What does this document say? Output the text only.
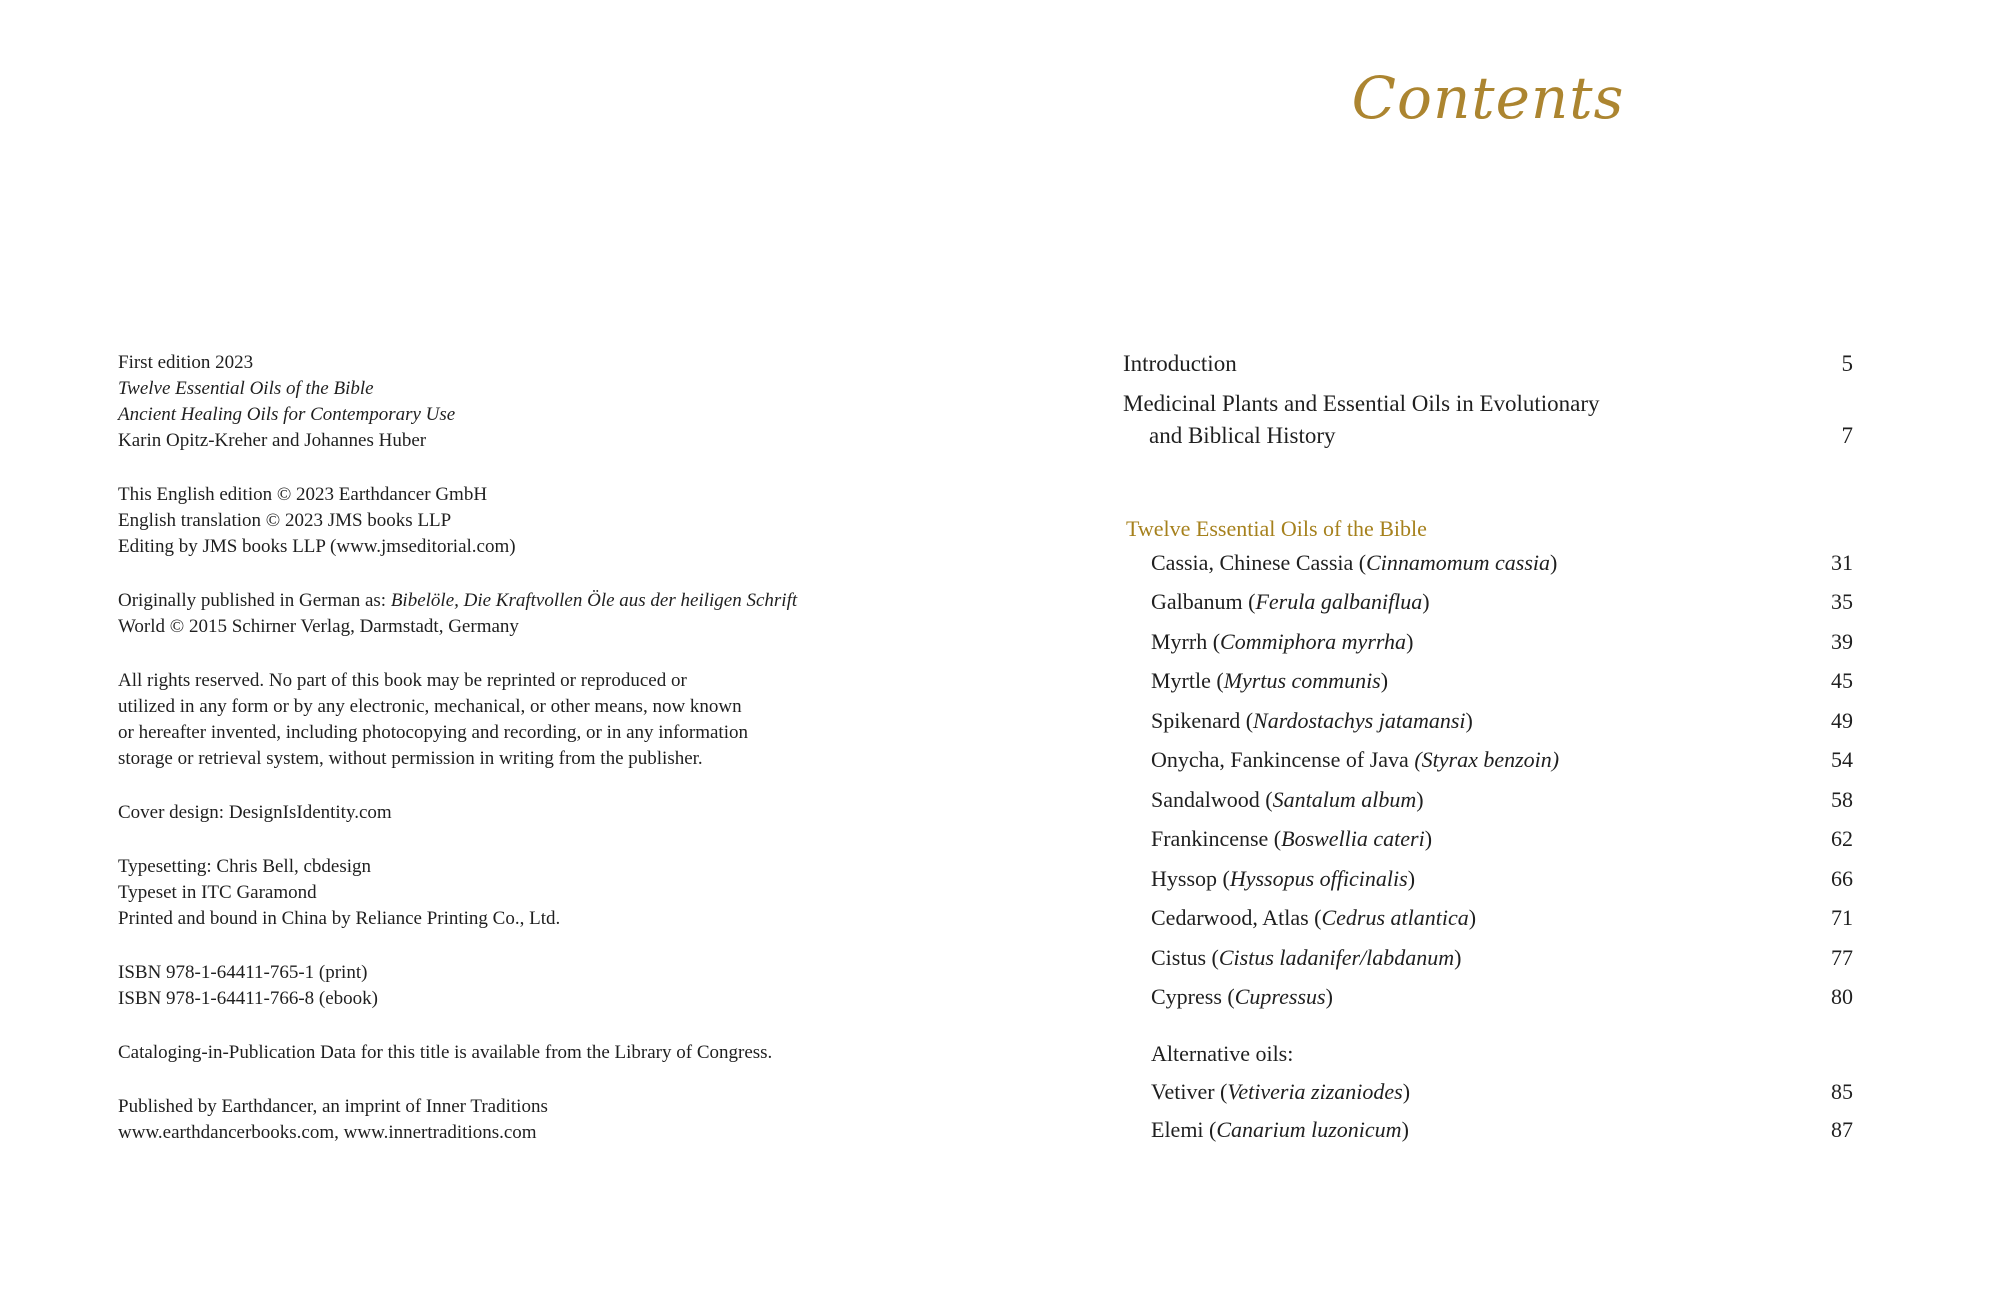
First edition 2023
Twelve Essential Oils of the Bible
Ancient Healing Oils for Contemporary Use
Karin Opitz-Kreher and Johannes Huber
This English edition © 2023 Earthdancer GmbH
English translation © 2023 JMS books LLP
Editing by JMS books LLP (www.jmseditorial.com)
Originally published in German as: Bibelöle, Die Kraftvollen Öle aus der heiligen Schrift
World © 2015 Schirner Verlag, Darmstadt, Germany
All rights reserved. No part of this book may be reprinted or reproduced or
utilized in any form or by any electronic, mechanical, or other means, now known
or hereafter invented, including photocopying and recording, or in any information
storage or retrieval system, without permission in writing from the publisher.
Cover design: DesignIsIdentity.com
Typesetting: Chris Bell, cbdesign
Typeset in ITC Garamond
Printed and bound in China by Reliance Printing Co., Ltd.
ISBN 978-1-64411-765-1 (print)
ISBN 978-1-64411-766-8 (ebook)
Cataloging-in-Publication Data for this title is available from the Library of Congress.
Published by Earthdancer, an imprint of Inner Traditions
www.earthdancerbooks.com, www.innertraditions.com
Contents
Introduction	5
Medicinal Plants and Essential Oils in Evolutionary
and Biblical History	7
Twelve Essential Oils of the Bible
Cassia, Chinese Cassia (Cinnamomum cassia)	31
Galbanum (Ferula galbaniflua)	35
Myrrh (Commiphora myrrha)	39
Myrtle (Myrtus communis)	45
Spikenard (Nardostachys jatamansi)	49
Onycha, Fankincense of Java (Styrax benzoin)	54
Sandalwood (Santalum album)	58
Frankincense (Boswellia cateri)	62
Hyssop (Hyssopus officinalis)	66
Cedarwood, Atlas (Cedrus atlantica)	71
Cistus (Cistus ladanifer/labdanum)	77
Cypress (Cupressus)	80
Alternative oils:
Vetiver (Vetiveria zizaniodes)	85
Elemi (Canarium luzonicum)	87
